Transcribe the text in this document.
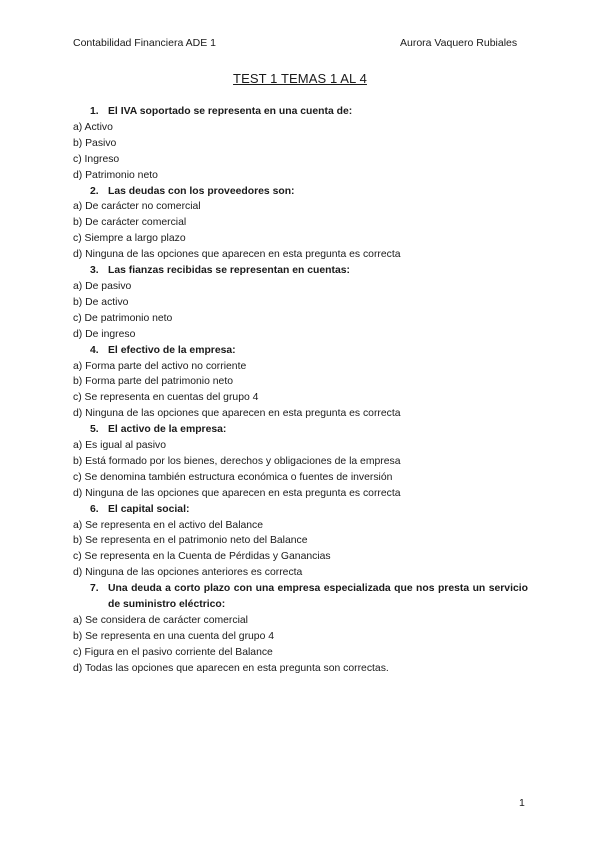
Contabilidad Financiera ADE 1	Aurora Vaquero Rubiales
TEST 1 TEMAS 1 AL 4
1. El IVA soportado se representa en una cuenta de:
a) Activo
b) Pasivo
c) Ingreso
d) Patrimonio neto
2. Las deudas con los proveedores son:
a) De carácter no comercial
b) De carácter comercial
c) Siempre a largo plazo
d) Ninguna de las opciones que aparecen en esta pregunta es correcta
3. Las fianzas recibidas se representan en cuentas:
a) De pasivo
b) De activo
c) De patrimonio neto
d) De ingreso
4. El efectivo de la empresa:
a) Forma parte del activo no corriente
b) Forma parte del patrimonio neto
c) Se representa en cuentas del grupo 4
d) Ninguna de las opciones que aparecen en esta pregunta es correcta
5. El activo de la empresa:
a) Es igual al pasivo
b) Está formado por los bienes, derechos y obligaciones de la empresa
c) Se denomina también estructura económica o fuentes de inversión
d) Ninguna de las opciones que aparecen en esta pregunta es correcta
6. El capital social:
a) Se representa en el activo del Balance
b) Se representa en el patrimonio neto del Balance
c) Se representa en la Cuenta de Pérdidas y Ganancias
d) Ninguna de las opciones anteriores es correcta
7. Una deuda a corto plazo con una empresa especializada que nos presta un servicio de suministro eléctrico:
a) Se considera de carácter comercial
b) Se representa en una cuenta del grupo 4
c) Figura en el pasivo corriente del Balance
d) Todas las opciones que aparecen en esta pregunta son correctas.
1
